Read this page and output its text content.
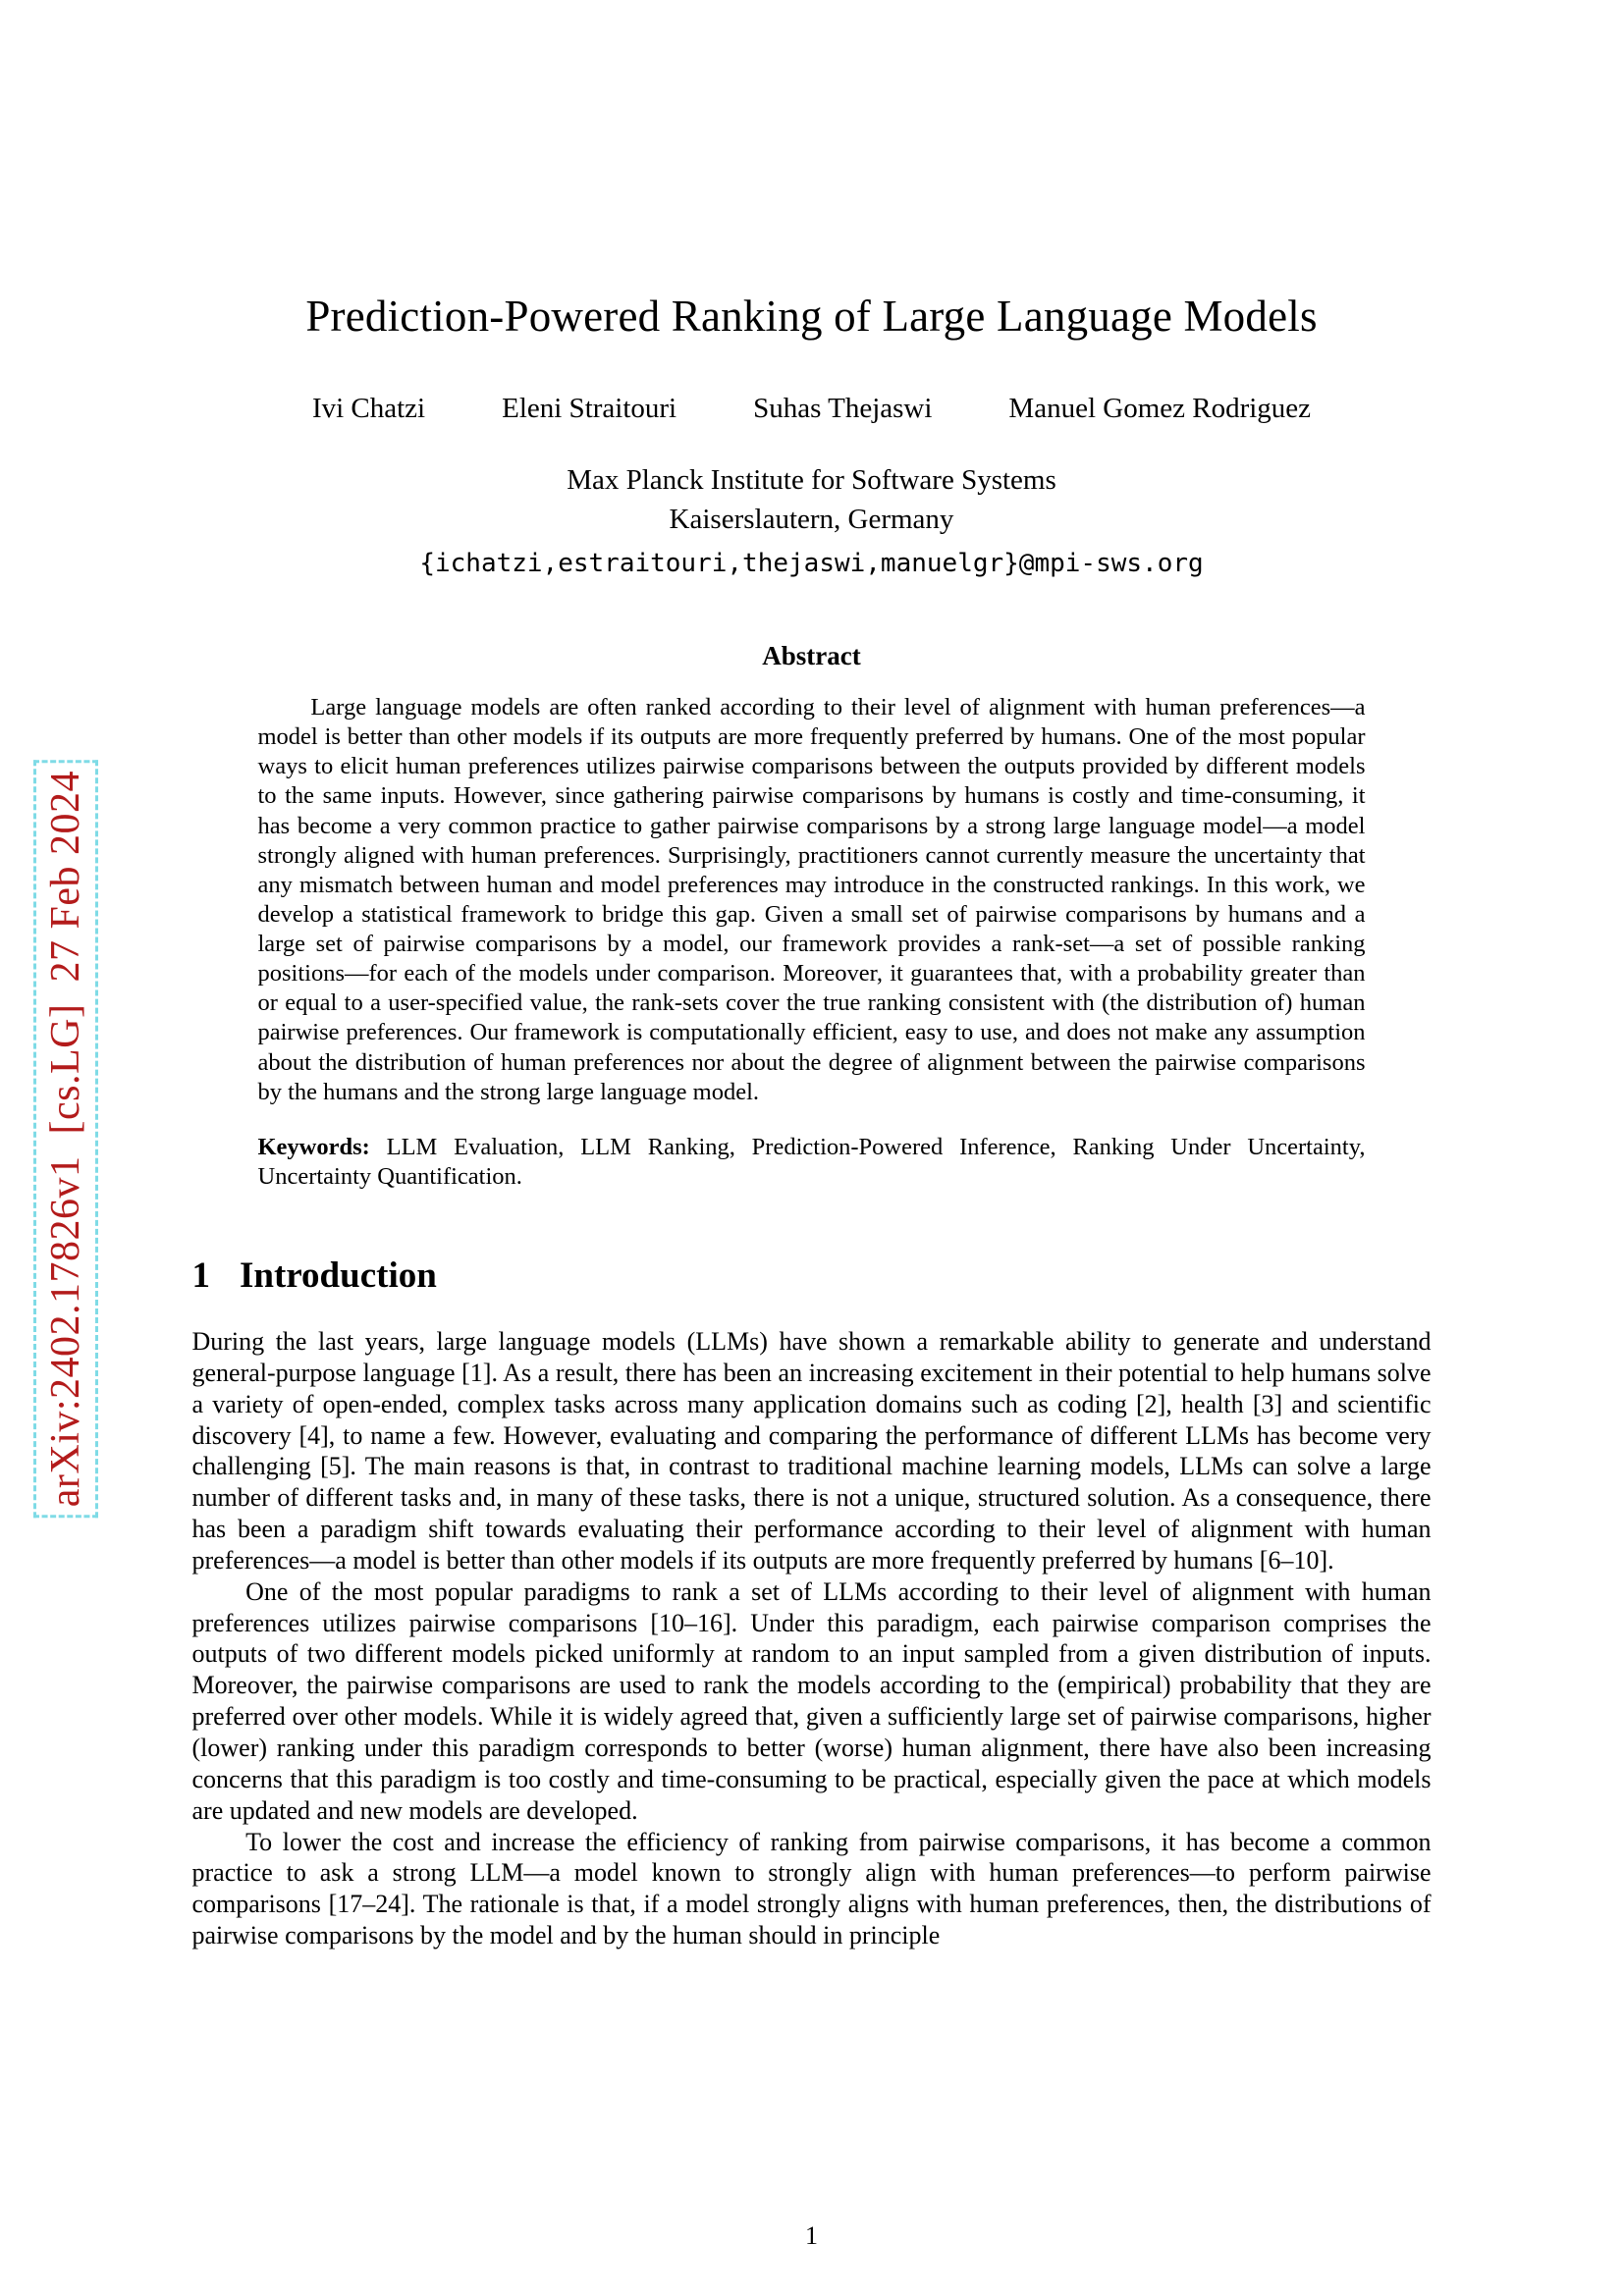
arXiv:2402.17826v1  [cs.LG]  27 Feb 2024
Prediction-Powered Ranking of Large Language Models
Ivi Chatzi	Eleni Straitouri	Suhas Thejaswi	Manuel Gomez Rodriguez

Max Planck Institute for Software Systems

Kaiserslautern, Germany

{ichatzi,estraitouri,thejaswi,manuelgr}@mpi-sws.org

Abstract
Large language models are often ranked according to their level of alignment with human preferences—a model is better than other models if its outputs are more frequently preferred by humans. One of the most popular ways to elicit human preferences utilizes pairwise comparisons between the outputs provided by different models to the same inputs. However, since gathering pairwise comparisons by humans is costly and time-consuming, it has become a very common practice to gather pairwise comparisons by a strong large language model—a model strongly aligned with human preferences. Surprisingly, practitioners cannot currently measure the uncertainty that any mismatch between human and model preferences may introduce in the constructed rankings. In this work, we develop a statistical framework to bridge this gap. Given a small set of pairwise comparisons by humans and a large set of pairwise comparisons by a model, our framework provides a rank-set—a set of possible ranking positions—for each of the models under comparison. Moreover, it guarantees that, with a probability greater than or equal to a user-specified value, the rank-sets cover the true ranking consistent with (the distribution of) human pairwise preferences. Our framework is computationally efficient, easy to use, and does not make any assumption about the distribution of human preferences nor about the degree of alignment between the pairwise comparisons by the humans and the strong large language model.
Keywords: LLM Evaluation, LLM Ranking, Prediction-Powered Inference, Ranking Under Uncertainty, Uncertainty Quantification.
1 Introduction

During the last years, large language models (LLMs) have shown a remarkable ability to generate and understand general-purpose language [1]. As a result, there has been an increasing excitement in their potential to help humans solve a variety of open-ended, complex tasks across many application domains such as coding [2], health [3] and scientific discovery [4], to name a few. However, evaluating and comparing the performance of different LLMs has become very challenging [5]. The main reasons is that, in contrast to traditional machine learning models, LLMs can solve a large number of different tasks and, in many of these tasks, there is not a unique, structured solution. As a consequence, there has been a paradigm shift towards evaluating their performance according to their level of alignment with human preferences—a model is better than other models if its outputs are more frequently preferred by humans [6–10].

One of the most popular paradigms to rank a set of LLMs according to their level of alignment with human preferences utilizes pairwise comparisons [10–16]. Under this paradigm, each pairwise comparison comprises the outputs of two different models picked uniformly at random to an input sampled from a given distribution of inputs. Moreover, the pairwise comparisons are used to rank the models according to the (empirical) probability that they are preferred over other models. While it is widely agreed that, given a sufficiently large set of pairwise comparisons, higher (lower) ranking under this paradigm corresponds to better (worse) human alignment, there have also been increasing concerns that this paradigm is too costly and time-consuming to be practical, especially given the pace at which models are updated and new models are developed.

To lower the cost and increase the efficiency of ranking from pairwise comparisons, it has become a common practice to ask a strong LLM—a model known to strongly align with human preferences—to perform pairwise comparisons [17–24]. The rationale is that, if a model strongly aligns with human preferences, then, the distributions of pairwise comparisons by the model and by the human should in principle

1
